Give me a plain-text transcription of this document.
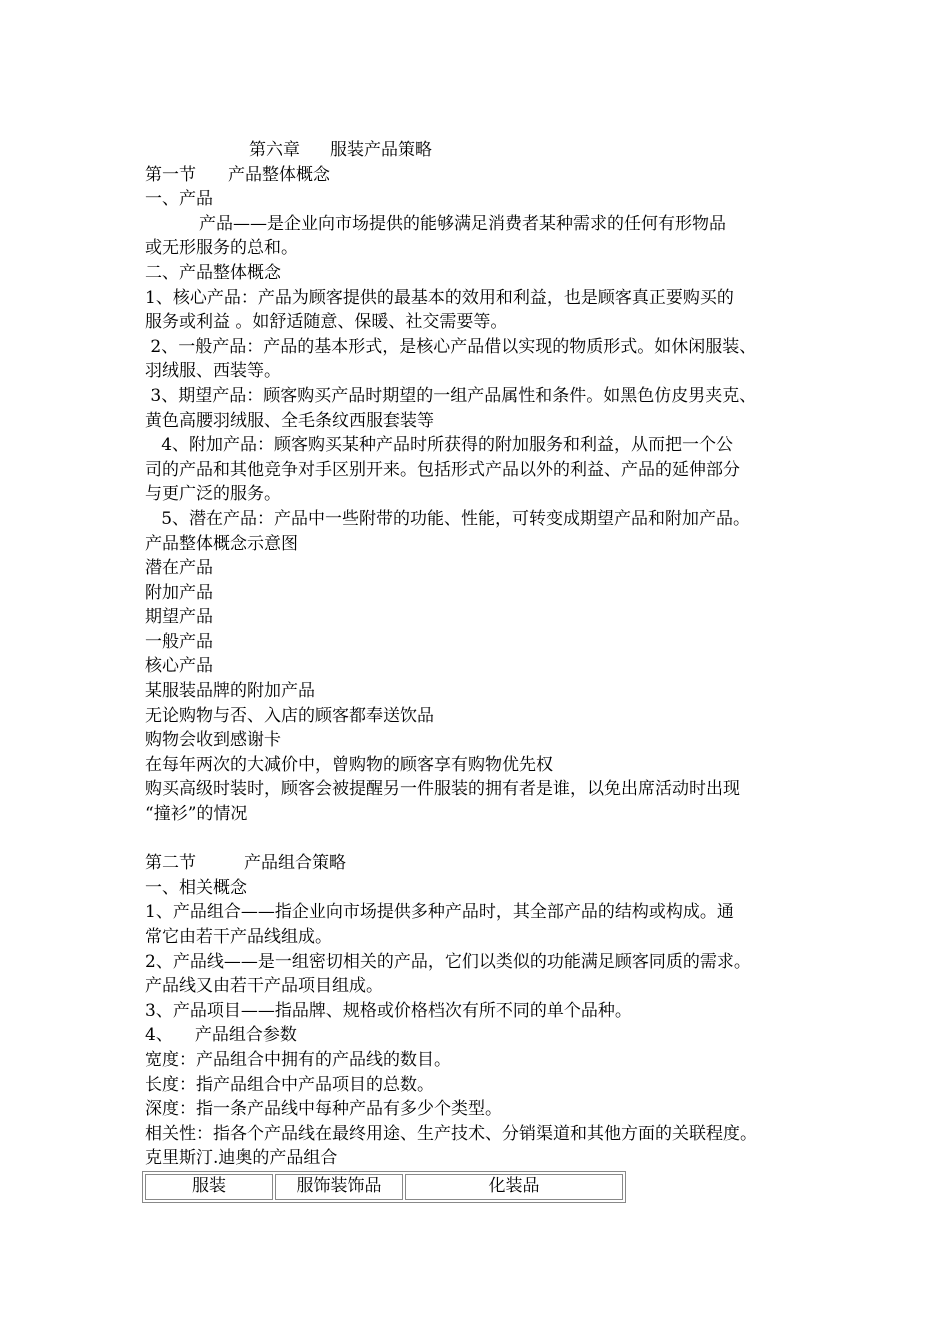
第六章 服装产品策略
第一节 产品整体概念
一、产品
产品——是企业向市场提供的能够满足消费者某种需求的任何有形物品
或无形服务的总和。
二、产品整体概念
1、核心产品：产品为顾客提供的最基本的效用和利益，也是顾客真正要购买的
服务或利益 。如舒适随意、保暖、社交需要等。
2、一般产品：产品的基本形式，是核心产品借以实现的物质形式。如休闲服装、
羽绒服、西装等。
3、期望产品：顾客购买产品时期望的一组产品属性和条件。如黑色仿皮男夹克、
黄色高腰羽绒服、全毛条纹西服套装等
4、附加产品：顾客购买某种产品时所获得的附加服务和利益，从而把一个公
司的产品和其他竞争对手区别开来。包括形式产品以外的利益、产品的延伸部分
与更广泛的服务。
5、潜在产品：产品中一些附带的功能、性能，可转变成期望产品和附加产品。
产品整体概念示意图
潜在产品
附加产品
期望产品
一般产品
核心产品
某服装品牌的附加产品
无论购物与否、入店的顾客都奉送饮品
购物会收到感谢卡
在每年两次的大减价中，曾购物的顾客享有购物优先权
购买高级时装时，顾客会被提醒另一件服装的拥有者是谁，以免出席活动时出现
“撞衫”的情况
第二节	产品组合策略
一、相关概念
1、产品组合——指企业向市场提供多种产品时，其全部产品的结构或构成。通
常它由若干产品线组成。
2、产品线——是一组密切相关的产品，它们以类似的功能满足顾客同质的需求。
产品线又由若干产品项目组成。
3、产品项目——指品牌、规格或价格档次有所不同的单个品种。
4、 产品组合参数
宽度：产品组合中拥有的产品线的数目。
长度：指产品组合中产品项目的总数。
深度：指一条产品线中每种产品有多少个类型。
相关性：指各个产品线在最终用途、生产技术、分销渠道和其他方面的关联程度。
克里斯汀.迪奥的产品组合
服装	服饰装饰品	化装品
